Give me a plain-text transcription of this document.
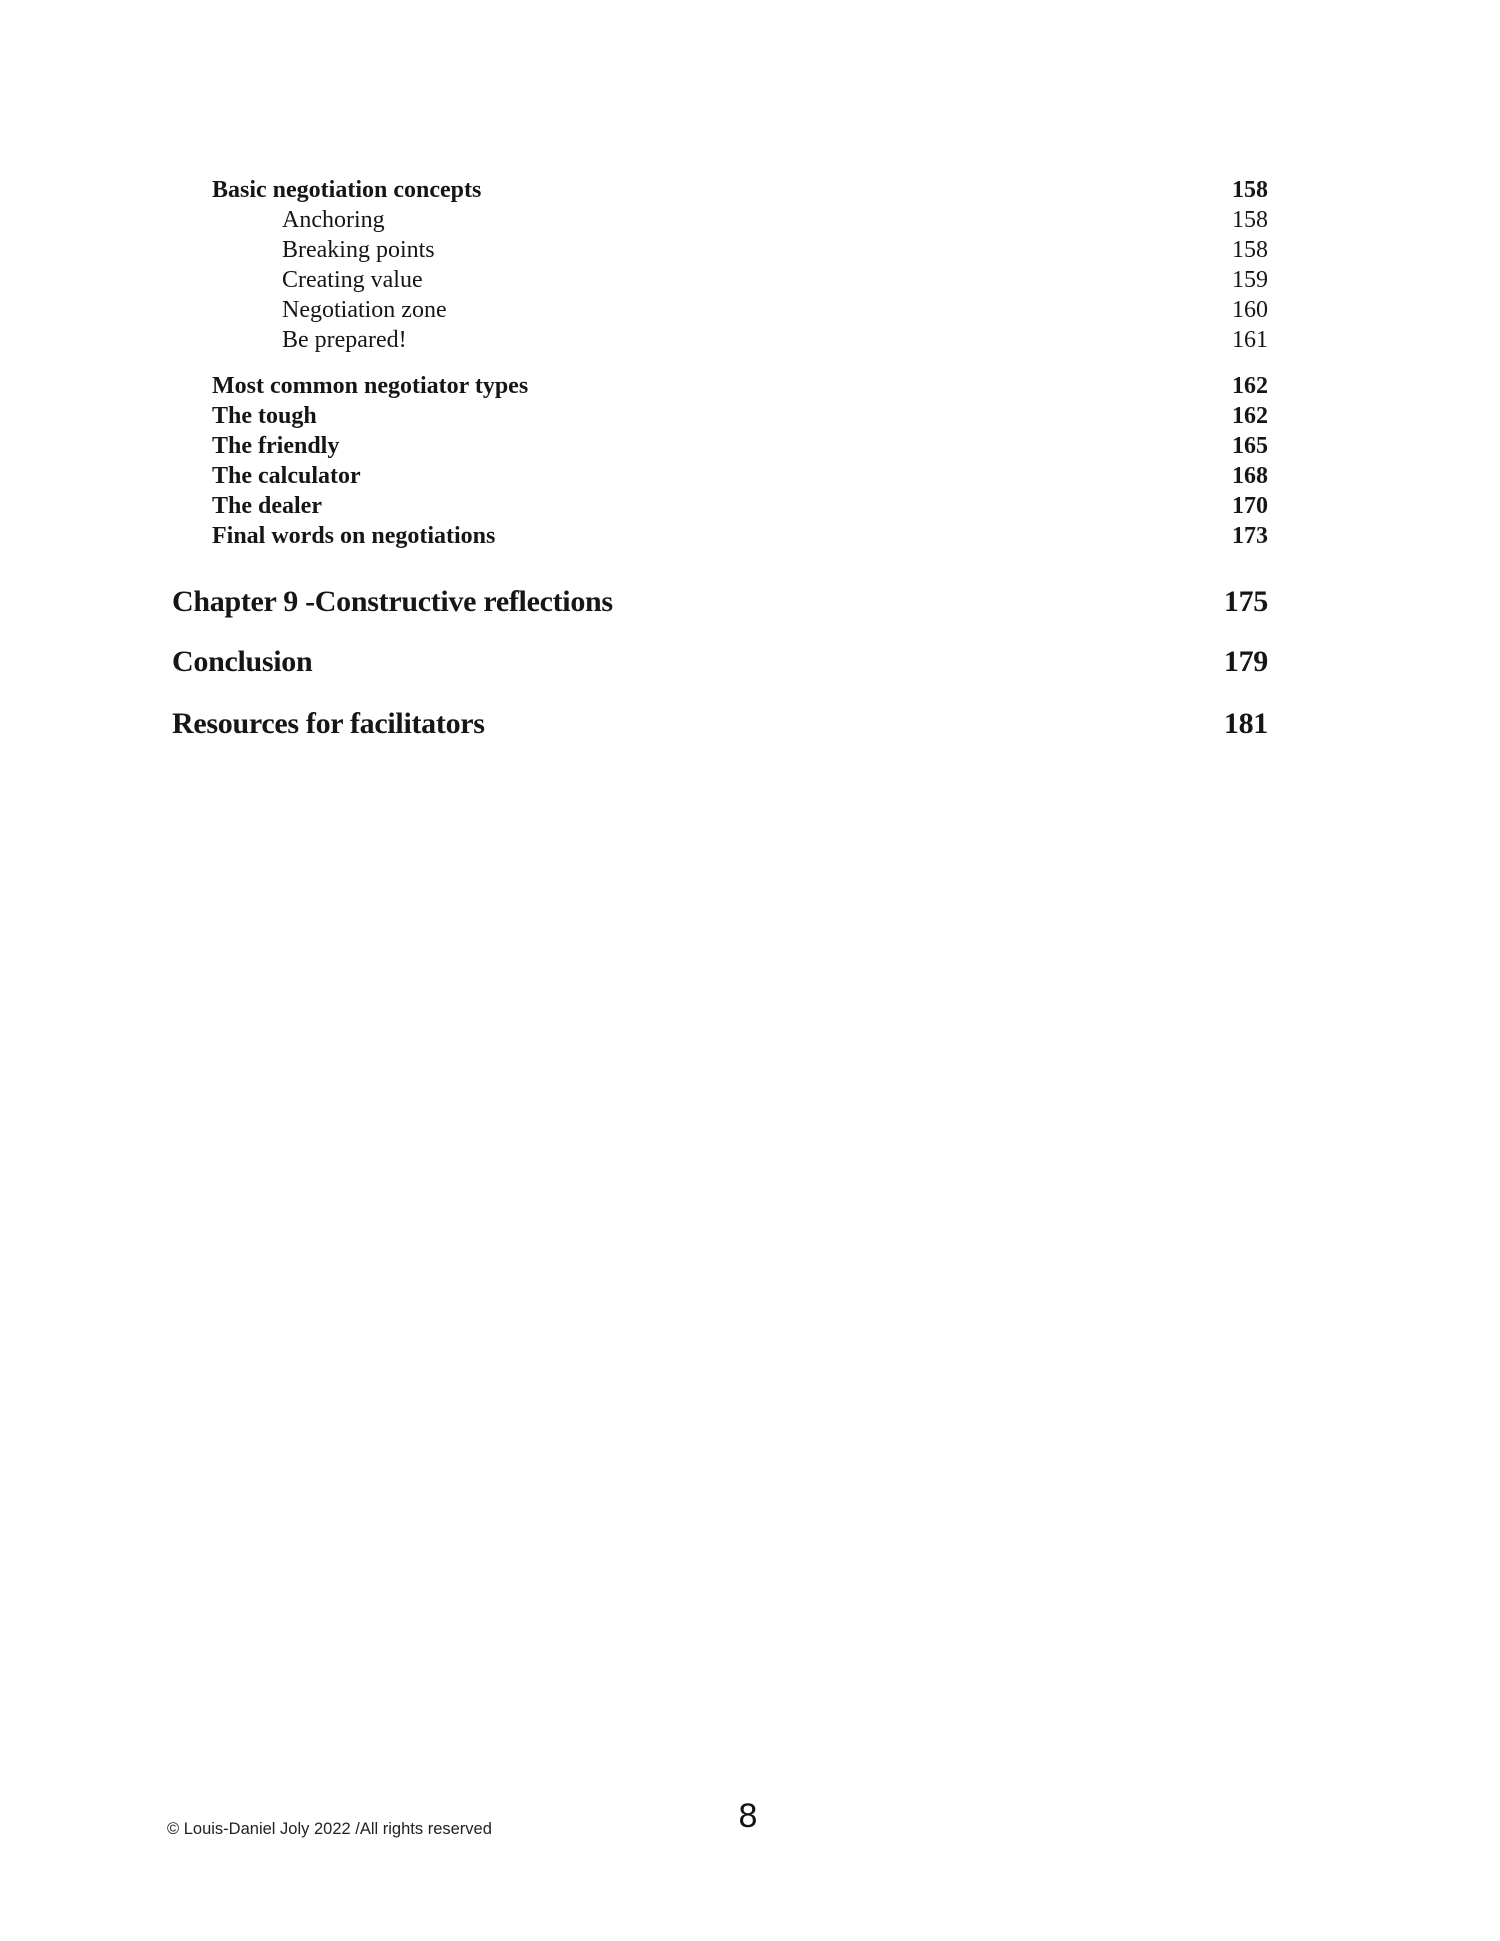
Basic negotiation concepts	158
Anchoring	158
Breaking points	158
Creating value	159
Negotiation zone	160
Be prepared!	161
Most common negotiator types	162
The tough	162
The friendly	165
The calculator	168
The dealer	170
Final words on negotiations	173
Chapter 9 -Constructive reflections	175
Conclusion	179
Resources for facilitators	181
© Louis-Daniel Joly 2022 /All rights reserved	8
